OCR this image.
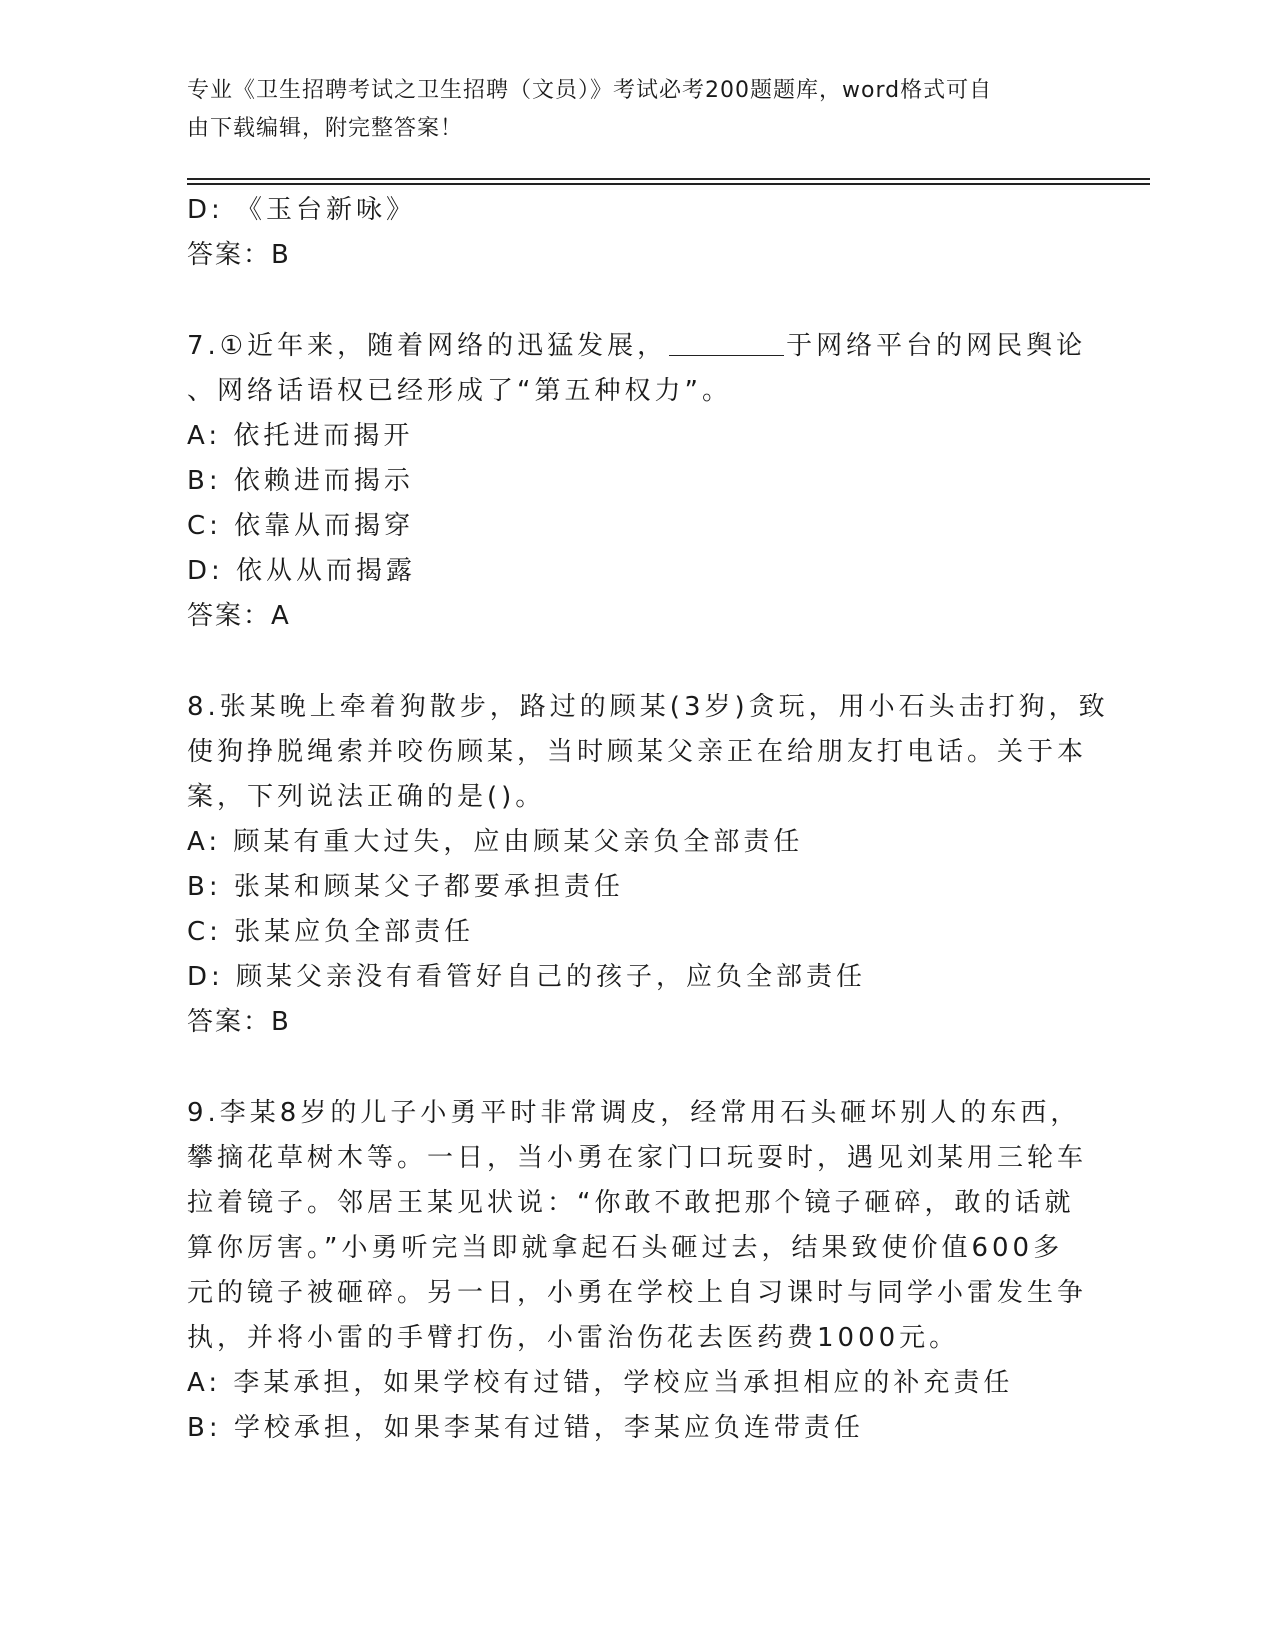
专业《卫生招聘考试之卫生招聘（文员）》考试必考200题题库，word格式可自
由下载编辑，附完整答案！
D: 《玉台新咏》
答案：B
7.①近年来，随着网络的迅猛发展，	于网络平台的网民舆论
、网络话语权已经形成了“第五种权力”。
A: 依托进而揭开
B: 依赖进而揭示
C: 依靠从而揭穿
D: 依从从而揭露
答案：A
8.张某晚上牵着狗散步，路过的顾某(3岁)贪玩，用小石头击打狗，致
使狗挣脱绳索并咬伤顾某，当时顾某父亲正在给朋友打电话。关于本
案，下列说法正确的是()。
A: 顾某有重大过失，应由顾某父亲负全部责任
B: 张某和顾某父子都要承担责任
C: 张某应负全部责任
D: 顾某父亲没有看管好自己的孩子，应负全部责任
答案：B
9.李某8岁的儿子小勇平时非常调皮，经常用石头砸坏别人的东西，
攀摘花草树木等。一日，当小勇在家门口玩耍时，遇见刘某用三轮车
拉着镜子。邻居王某见状说：“你敢不敢把那个镜子砸碎，敢的话就
算你厉害。”小勇听完当即就拿起石头砸过去，结果致使价值600多
元的镜子被砸碎。另一日，小勇在学校上自习课时与同学小雷发生争
执，并将小雷的手臂打伤，小雷治伤花去医药费1000元。
A: 李某承担，如果学校有过错，学校应当承担相应的补充责任
B: 学校承担，如果李某有过错，李某应负连带责任
